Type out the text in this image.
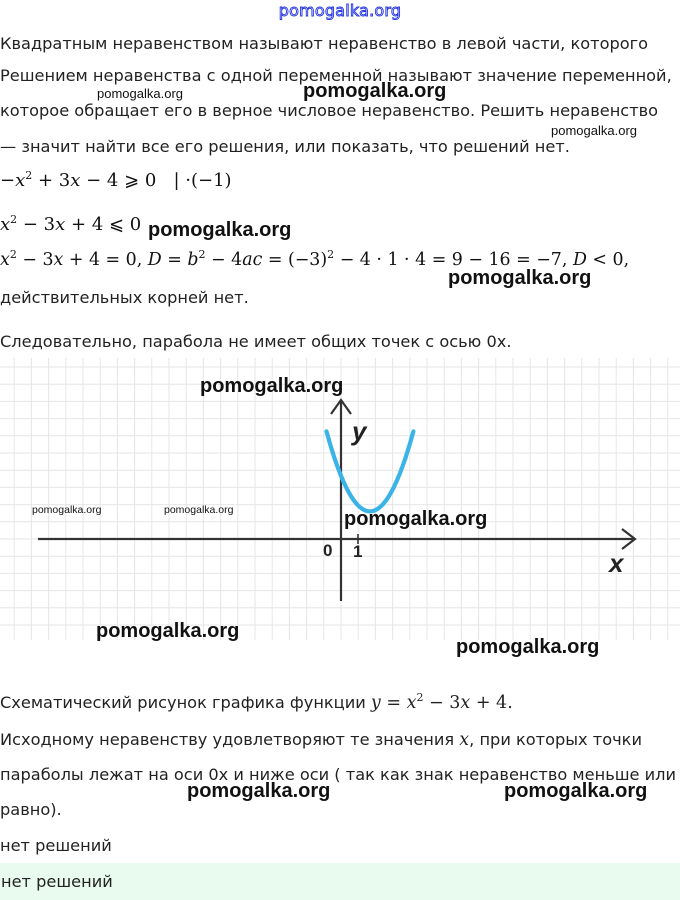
pomogalka.org
Квадратным неравенством называют неравенство в левой части, которого
Решением неравенства с одной переменной называют значение переменной,
которое обращает его в верное числовое неравенство. Решить неравенство
— значит найти все его решения, или показать, что решений нет.
$-x^2 + 3x - 4$ ⩾ 0   | ·(−1)
$x^2 - 3x + 4$ ⩽ 0
$x^2 - 3x + 4 = 0$, $D = b^2 - 4ac = (-3)^2 - 4 \cdot 1 \cdot 4 = 9 - 16 = -7$, D < 0,
действительных корней нет.
Следовательно, парабола не имеет общих точек с осью 0х.
y
x
0 1
Схематический рисунок графика функции $y = x^2 - 3x + 4$.
Исходному неравенству удовлетворяют те значения x, при которых точки
параболы лежат на оси 0х и ниже оси ( так как знак неравенство меньше или
равно).
нет решений
нет решений
pomogalka.org	pomogalka.org
pomogalka.org
pomogalka.org
pomogalka.org
pomogalka.org
pomogalka.org	pomogalka.org	pomogalka.org
pomogalka.org
pomogalka.org
pomogalka.org	pomogalka.org
